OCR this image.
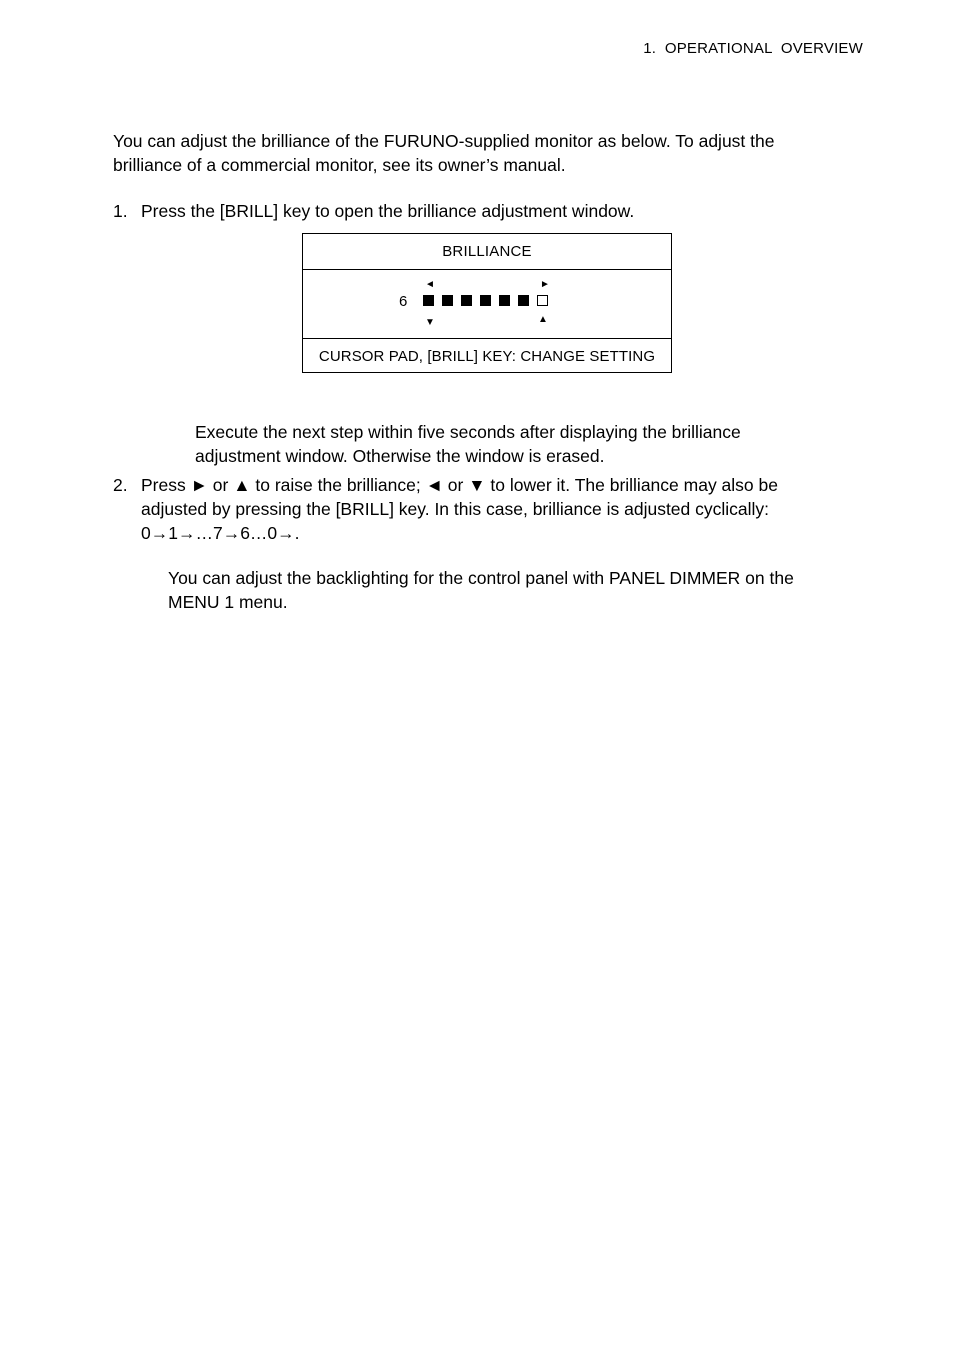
1.  OPERATIONAL  OVERVIEW
You can adjust the brilliance of the FURUNO-supplied monitor as below. To adjust the brilliance of a commercial monitor, see its owner’s manual.
1. Press the [BRILL] key to open the brilliance adjustment window.
BRILLIANCE
◄	►
6
▼	▲
CURSOR PAD, [BRILL] KEY: CHANGE SETTING
Execute the next step within five seconds after displaying the brilliance adjustment window. Otherwise the window is erased.
2. Press ► or ▲ to raise the brilliance; ◄ or ▼ to lower it. The brilliance may also be adjusted by pressing the [BRILL] key. In this case, brilliance is adjusted cyclically: 0→1→…7→6…0→.
You can adjust the backlighting for the control panel with PANEL DIMMER on the MENU 1 menu.
